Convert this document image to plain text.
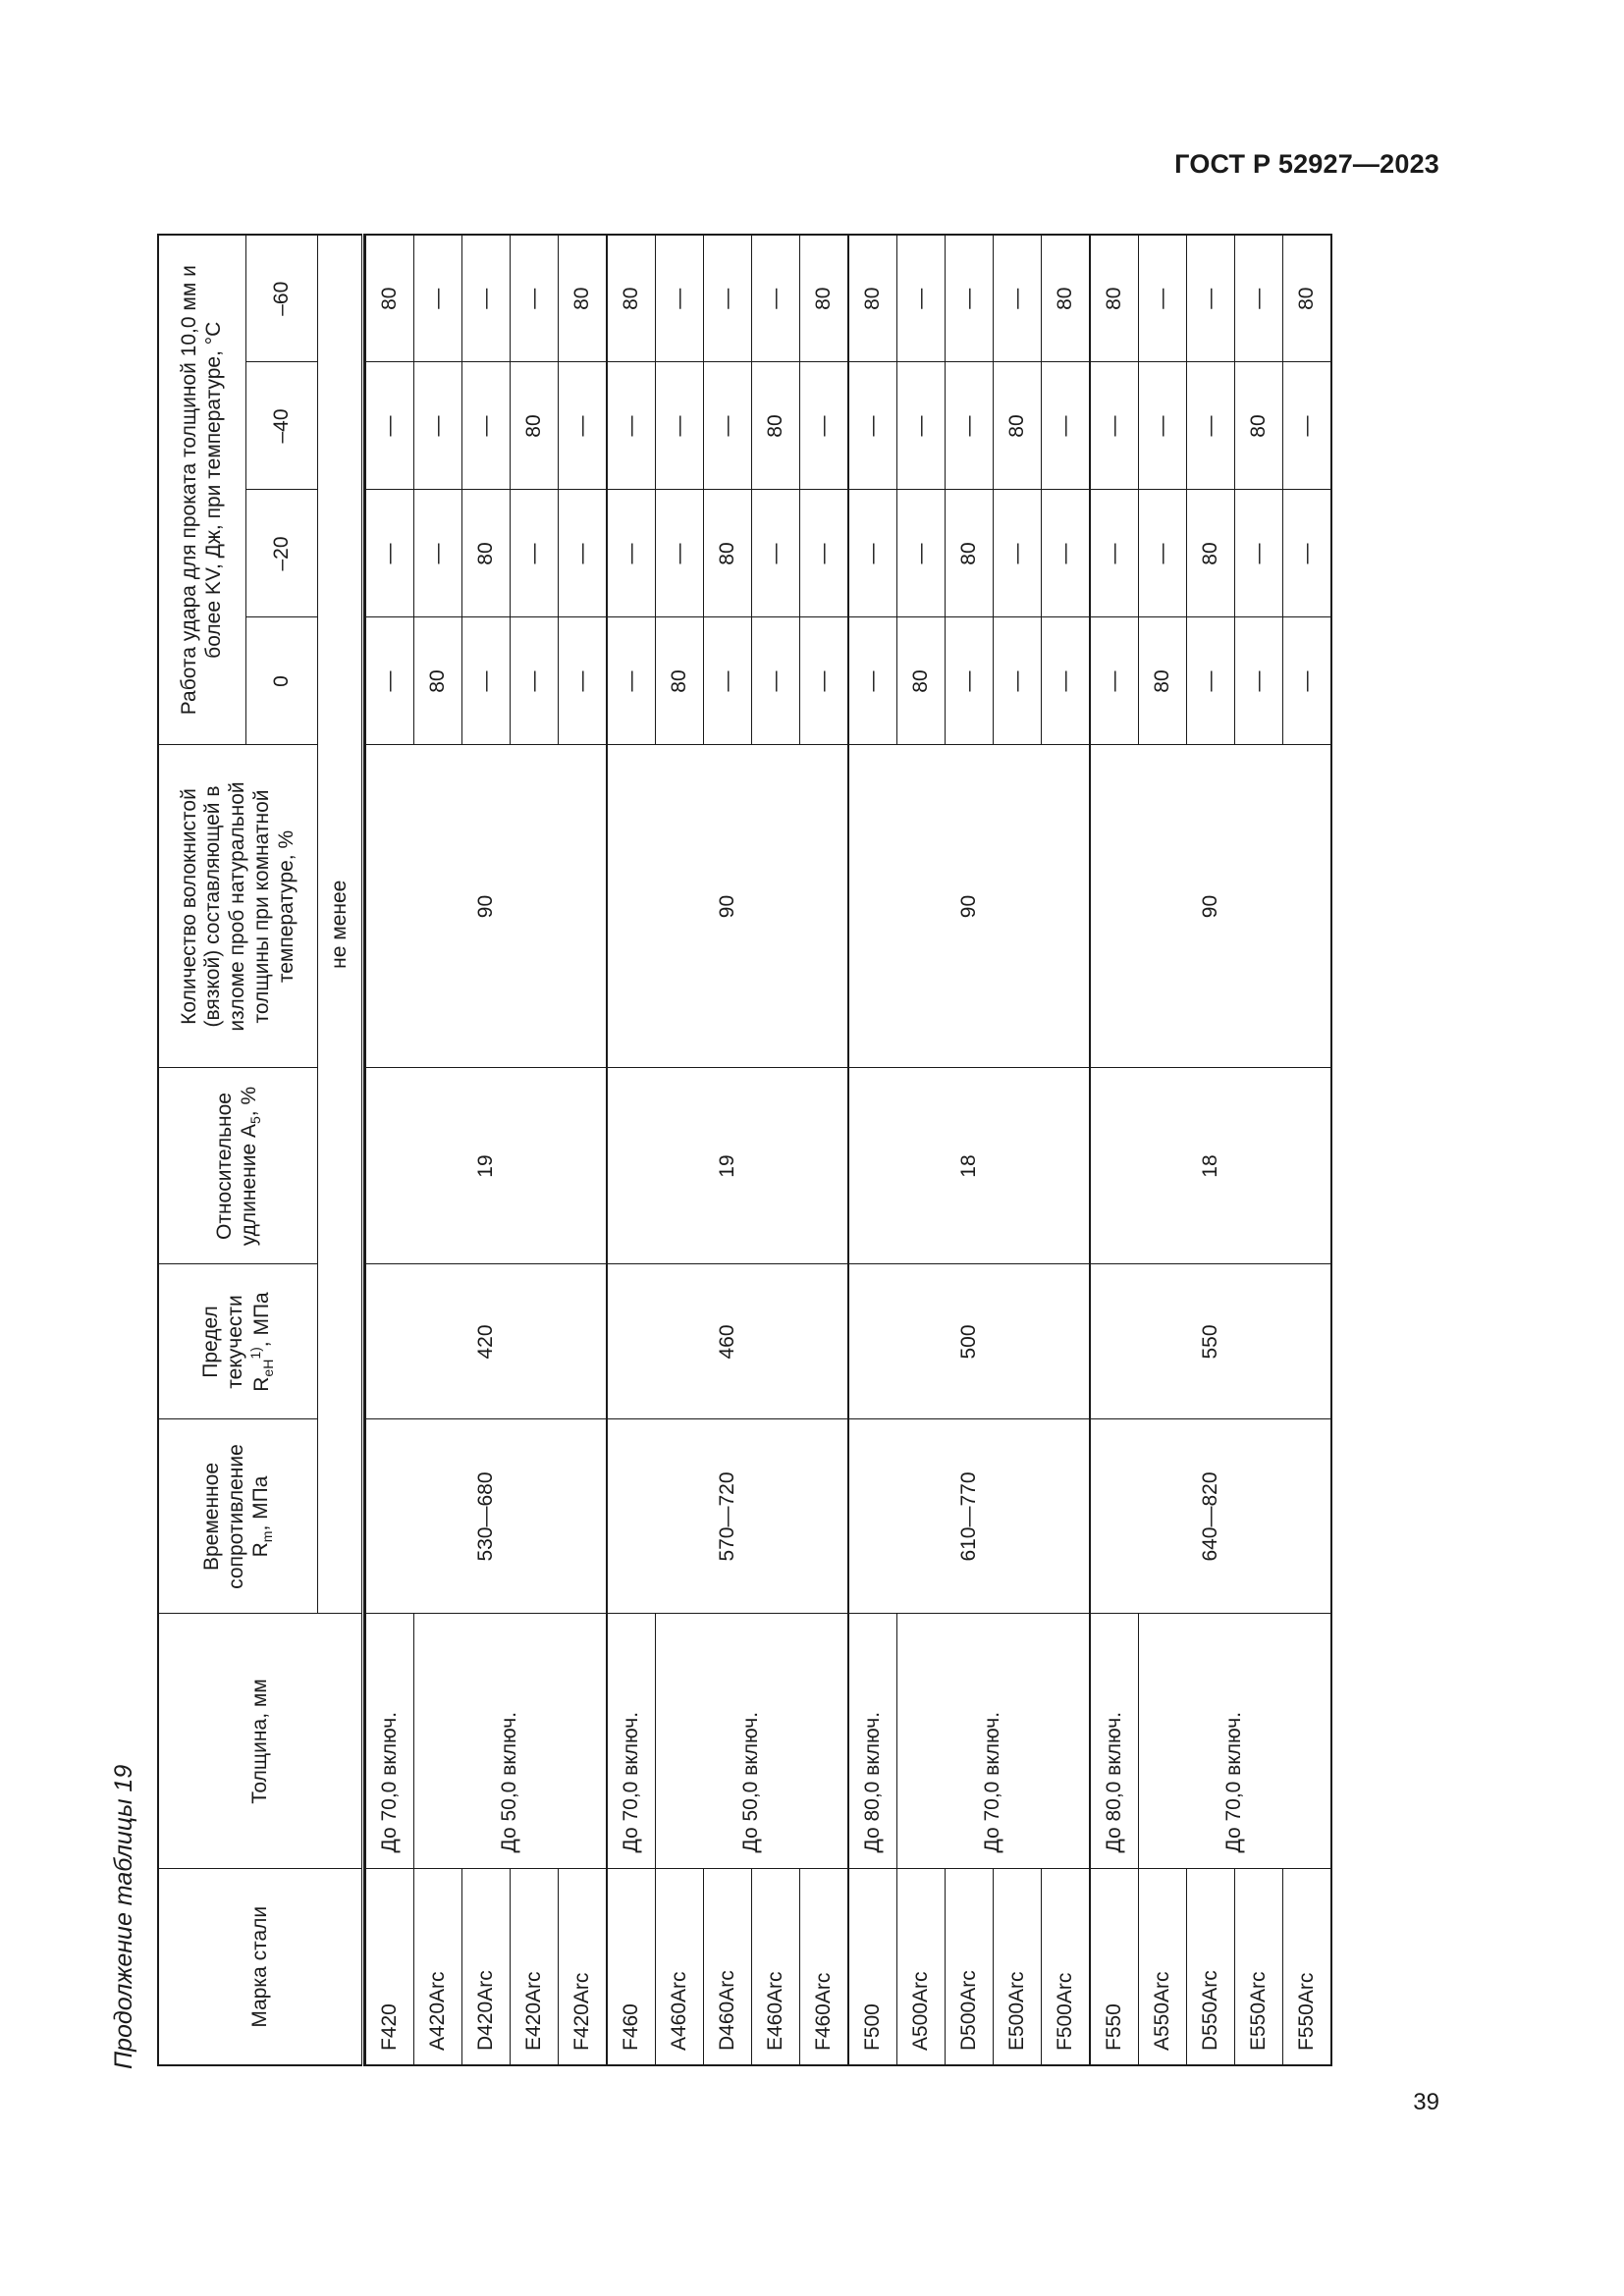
ГОСТ Р 52927—2023
Продолжение таблицы 19	Марка стали	Толщина, мм	Временное сопротивление $R_m$, МПа	Предел текучести $R_{eH}^{1)}$, МПа	Относительное удлинение $A_5$, %	Количество волокнистой (вязкой) составляющей в изломе проб натуральной толщины при комнатной температуре, %	Работа удара для проката толщиной 10,0 мм и более KV, Дж, при температуре, °С			
						0	–20	–40	–60
		не менее							

F420	До 70,0 включ.	530—680	420	19	90	—	—	—	80
A420Arc	До 50,0 включ.					80	—	—	—
D420Arc						—	80	—	—
E420Arc						—	—	80	—
F420Arc						—	—	—	80
F460	До 70,0 включ.	570—720	460	19	90	—	—	—	80
A460Arc	До 50,0 включ.					80	—	—	—
D460Arc						—	80	—	—
E460Arc						—	—	80	—
F460Arc						—	—	—	80
F500	До 80,0 включ.	610—770	500	18	90	—	—	—	80
A500Arc	До 70,0 включ.					80	—	—	—
D500Arc						—	80	—	—
E500Arc						—	—	80	—
F500Arc						—	—	—	80
F550	До 80,0 включ.	640—820	550	18	90	—	—	—	80
A550Arc	До 70,0 включ.					80	—	—	—
D550Arc						—	80	—	—
E550Arc						—	—	80	—
F550Arc						—	—	—	80
39
